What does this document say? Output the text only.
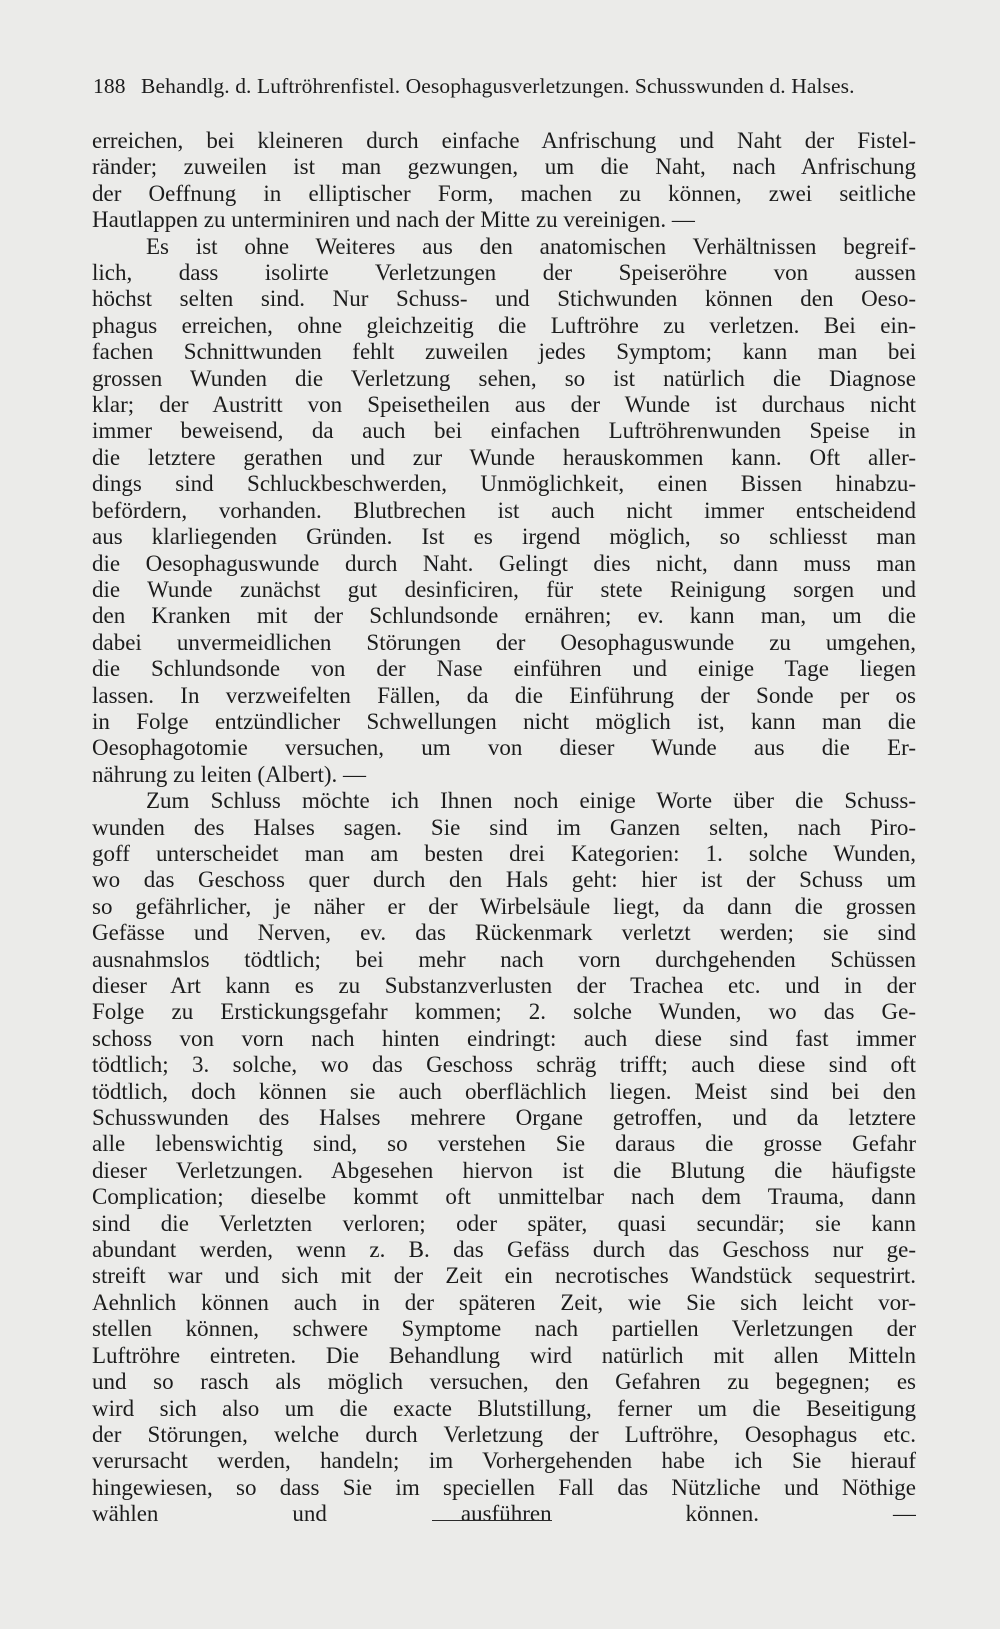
188 Behandlg. d. Luftröhrenfistel. Oesophagusverletzungen. Schusswunden d. Halses.
erreichen, bei kleineren durch einfache Anfrischung und Naht der Fistel-
ränder; zuweilen ist man gezwungen, um die Naht, nach Anfrischung
der Oeffnung in elliptischer Form, machen zu können, zwei seitliche
Hautlappen zu unterminiren und nach der Mitte zu vereinigen. —
Es ist ohne Weiteres aus den anatomischen Verhältnissen begreif-
lich, dass isolirte Verletzungen der Speiseröhre von aussen
höchst selten sind. Nur Schuss- und Stichwunden können den Oeso-
phagus erreichen, ohne gleichzeitig die Luftröhre zu verletzen. Bei ein-
fachen Schnittwunden fehlt zuweilen jedes Symptom; kann man bei
grossen Wunden die Verletzung sehen, so ist natürlich die Diagnose
klar; der Austritt von Speisetheilen aus der Wunde ist durchaus nicht
immer beweisend, da auch bei einfachen Luftröhrenwunden Speise in
die letztere gerathen und zur Wunde herauskommen kann. Oft aller-
dings sind Schluckbeschwerden, Unmöglichkeit, einen Bissen hinabzu-
befördern, vorhanden. Blutbrechen ist auch nicht immer entscheidend
aus klarliegenden Gründen. Ist es irgend möglich, so schliesst man
die Oesophaguswunde durch Naht. Gelingt dies nicht, dann muss man
die Wunde zunächst gut desinficiren, für stete Reinigung sorgen und
den Kranken mit der Schlundsonde ernähren; ev. kann man, um die
dabei unvermeidlichen Störungen der Oesophaguswunde zu umgehen,
die Schlundsonde von der Nase einführen und einige Tage liegen
lassen. In verzweifelten Fällen, da die Einführung der Sonde per os
in Folge entzündlicher Schwellungen nicht möglich ist, kann man die
Oesophagotomie versuchen, um von dieser Wunde aus die Er-
nährung zu leiten (Albert). —
Zum Schluss möchte ich Ihnen noch einige Worte über die Schuss-
wunden des Halses sagen. Sie sind im Ganzen selten, nach Piro-
goff unterscheidet man am besten drei Kategorien: 1. solche Wunden,
wo das Geschoss quer durch den Hals geht: hier ist der Schuss um
so gefährlicher, je näher er der Wirbelsäule liegt, da dann die grossen
Gefässe und Nerven, ev. das Rückenmark verletzt werden; sie sind
ausnahmslos tödtlich; bei mehr nach vorn durchgehenden Schüssen
dieser Art kann es zu Substanzverlusten der Trachea etc. und in der
Folge zu Erstickungsgefahr kommen; 2. solche Wunden, wo das Ge-
schoss von vorn nach hinten eindringt: auch diese sind fast immer
tödtlich; 3. solche, wo das Geschoss schräg trifft; auch diese sind oft
tödtlich, doch können sie auch oberflächlich liegen. Meist sind bei den
Schusswunden des Halses mehrere Organe getroffen, und da letztere
alle lebenswichtig sind, so verstehen Sie daraus die grosse Gefahr
dieser Verletzungen. Abgesehen hiervon ist die Blutung die häufigste
Complication; dieselbe kommt oft unmittelbar nach dem Trauma, dann
sind die Verletzten verloren; oder später, quasi secundär; sie kann
abundant werden, wenn z. B. das Gefäss durch das Geschoss nur ge-
streift war und sich mit der Zeit ein necrotisches Wandstück sequestrirt.
Aehnlich können auch in der späteren Zeit, wie Sie sich leicht vor-
stellen können, schwere Symptome nach partiellen Verletzungen der
Luftröhre eintreten. Die Behandlung wird natürlich mit allen Mitteln
und so rasch als möglich versuchen, den Gefahren zu begegnen; es
wird sich also um die exacte Blutstillung, ferner um die Beseitigung
der Störungen, welche durch Verletzung der Luftröhre, Oesophagus etc.
verursacht werden, handeln; im Vorhergehenden habe ich Sie hierauf
hingewiesen, so dass Sie im speciellen Fall das Nützliche und Nöthige
wählen und ausführen können. —
